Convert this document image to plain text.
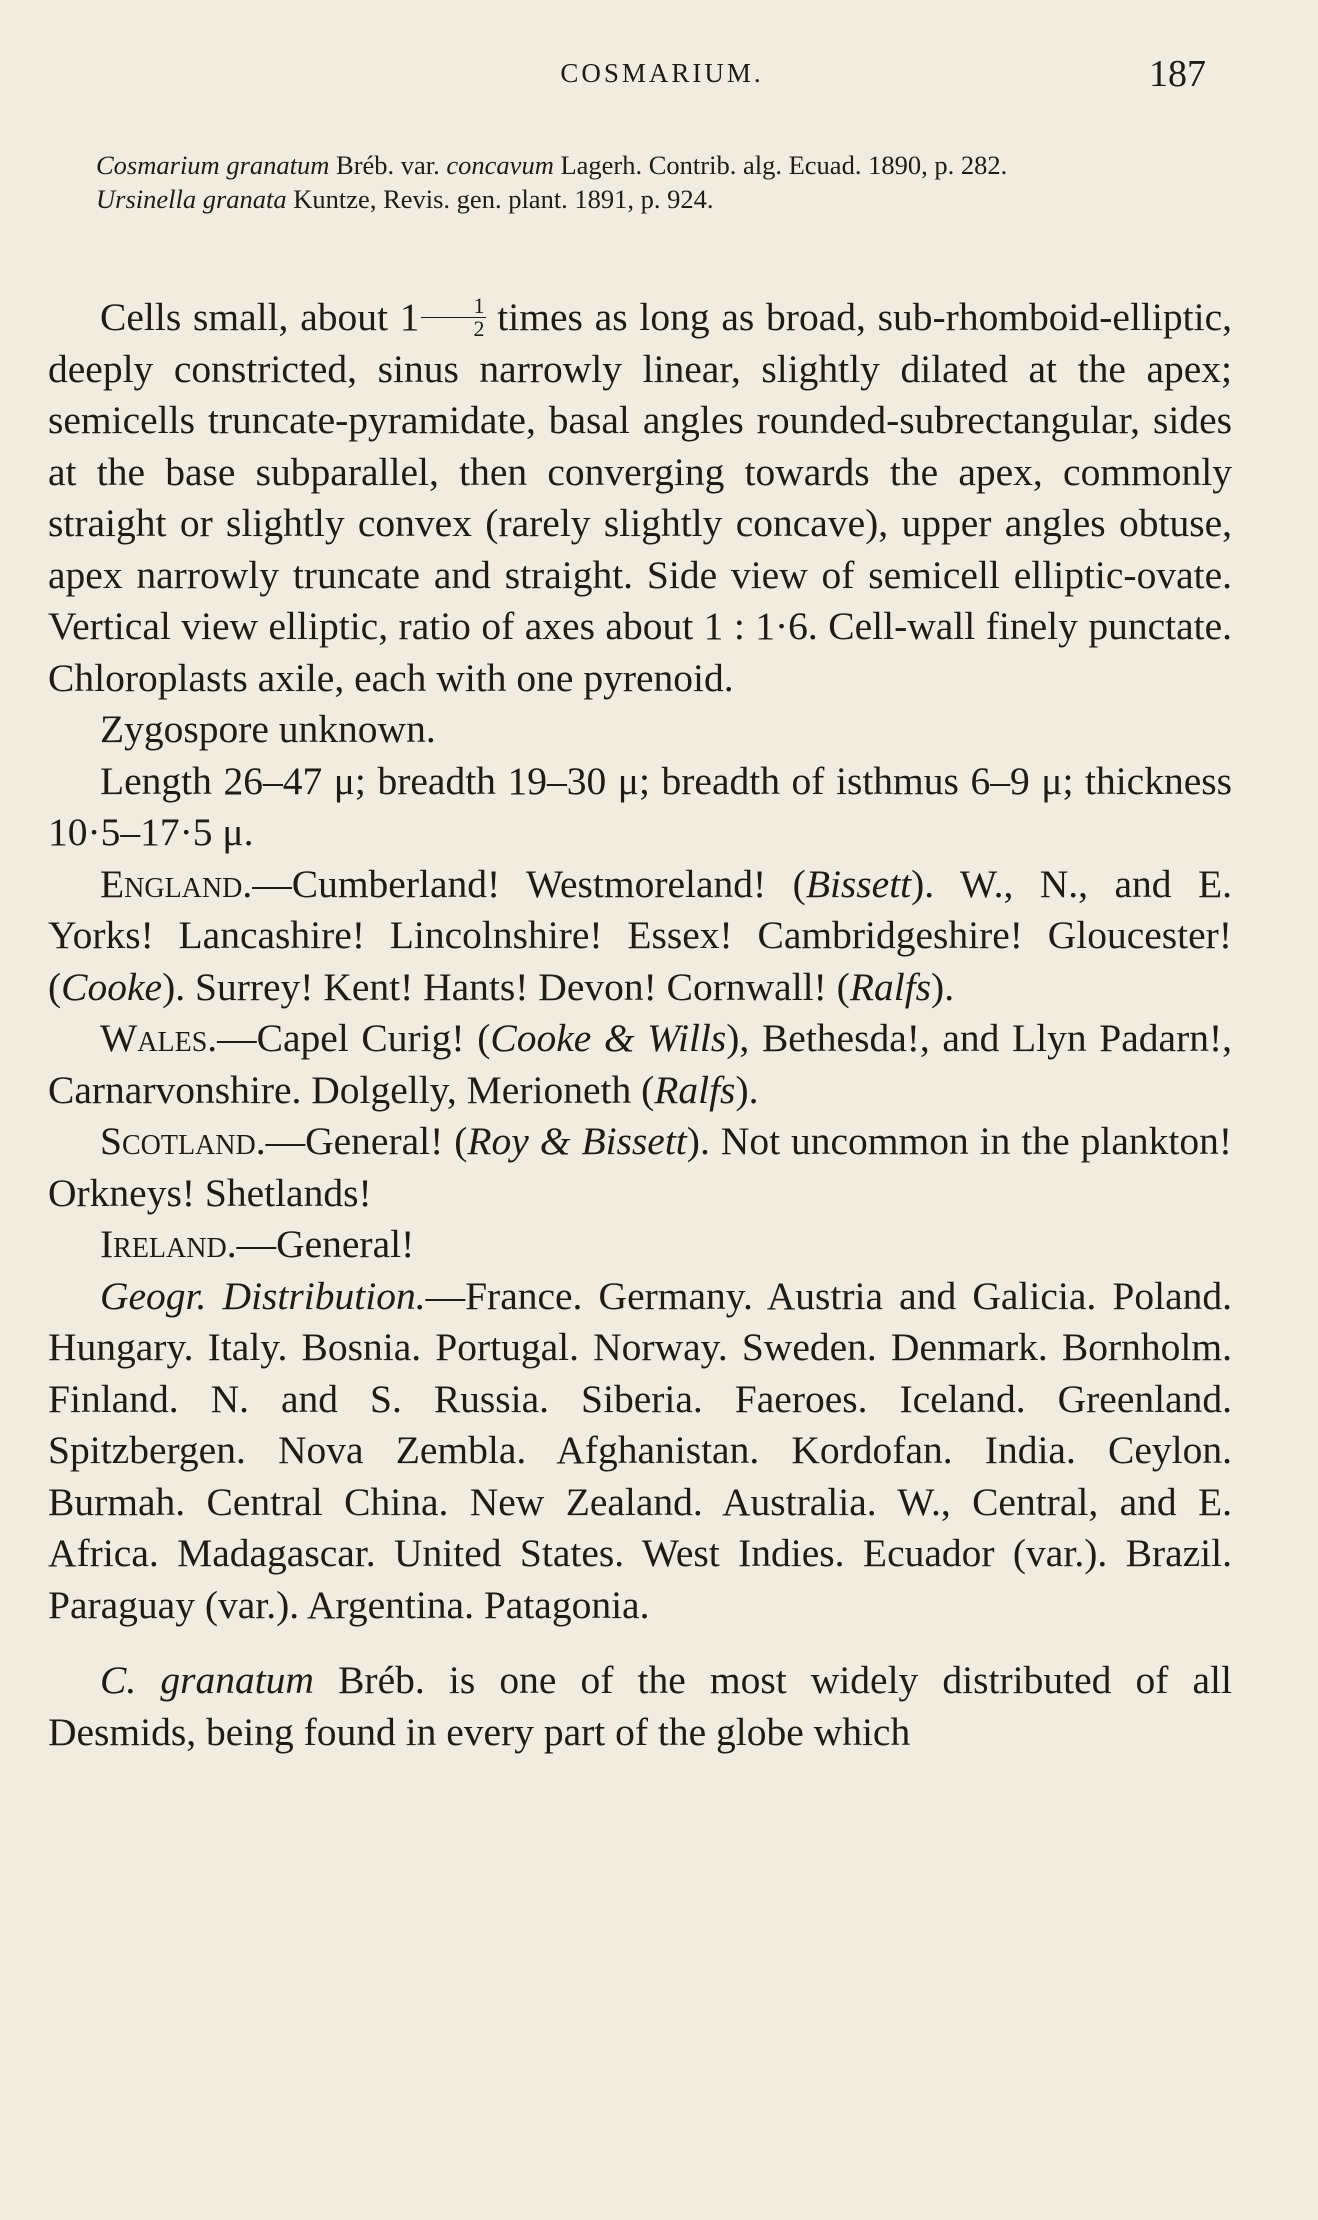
COSMARIUM.	187
Cosmarium granatum Bréb. var. concavum Lagerh. Contrib. alg. Ecuad. 1890, p. 282.
Ursinella granata Kuntze, Revis. gen. plant. 1891, p. 924.

Cells small, about $1 \frac{1}{2}$ times as long as broad, sub-rhomboid-elliptic, deeply constricted, sinus narrowly linear, slightly dilated at the apex; semicells truncate-pyramidate, basal angles rounded-subrectangular, sides at the base subparallel, then converging towards the apex, commonly straight or slightly convex (rarely slightly concave), upper angles obtuse, apex narrowly truncate and straight. Side view of semicell elliptic-ovate. Vertical view elliptic, ratio of axes about 1 : 1·6. Cell-wall finely punctate. Chloroplasts axile, each with one pyrenoid.

Zygospore unknown.

Length 26–47 μ; breadth 19–30 μ; breadth of isthmus 6–9 μ; thickness 10·5–17·5 μ.

England.—Cumberland! Westmoreland! (Bissett). W., N., and E. Yorks! Lancashire! Lincolnshire! Essex! Cambridgeshire! Gloucester! (Cooke). Surrey! Kent! Hants! Devon! Cornwall! (Ralfs).

Wales.—Capel Curig! (Cooke & Wills), Bethesda!, and Llyn Padarn!, Carnarvonshire. Dolgelly, Merioneth (Ralfs).

Scotland.—General! (Roy & Bissett). Not uncommon in the plankton! Orkneys! Shetlands!

Ireland.—General!

Geogr. Distribution.—France. Germany. Austria and Galicia. Poland. Hungary. Italy. Bosnia. Portugal. Norway. Sweden. Denmark. Bornholm. Finland. N. and S. Russia. Siberia. Faeroes. Iceland. Greenland. Spitzbergen. Nova Zembla. Afghanistan. Kordofan. India. Ceylon. Burmah. Central China. New Zealand. Australia. W., Central, and E. Africa. Madagascar. United States. West Indies. Ecuador (var.). Brazil. Paraguay (var.). Argentina. Patagonia.

C. granatum Bréb. is one of the most widely distributed of all Desmids, being found in every part of the globe which
